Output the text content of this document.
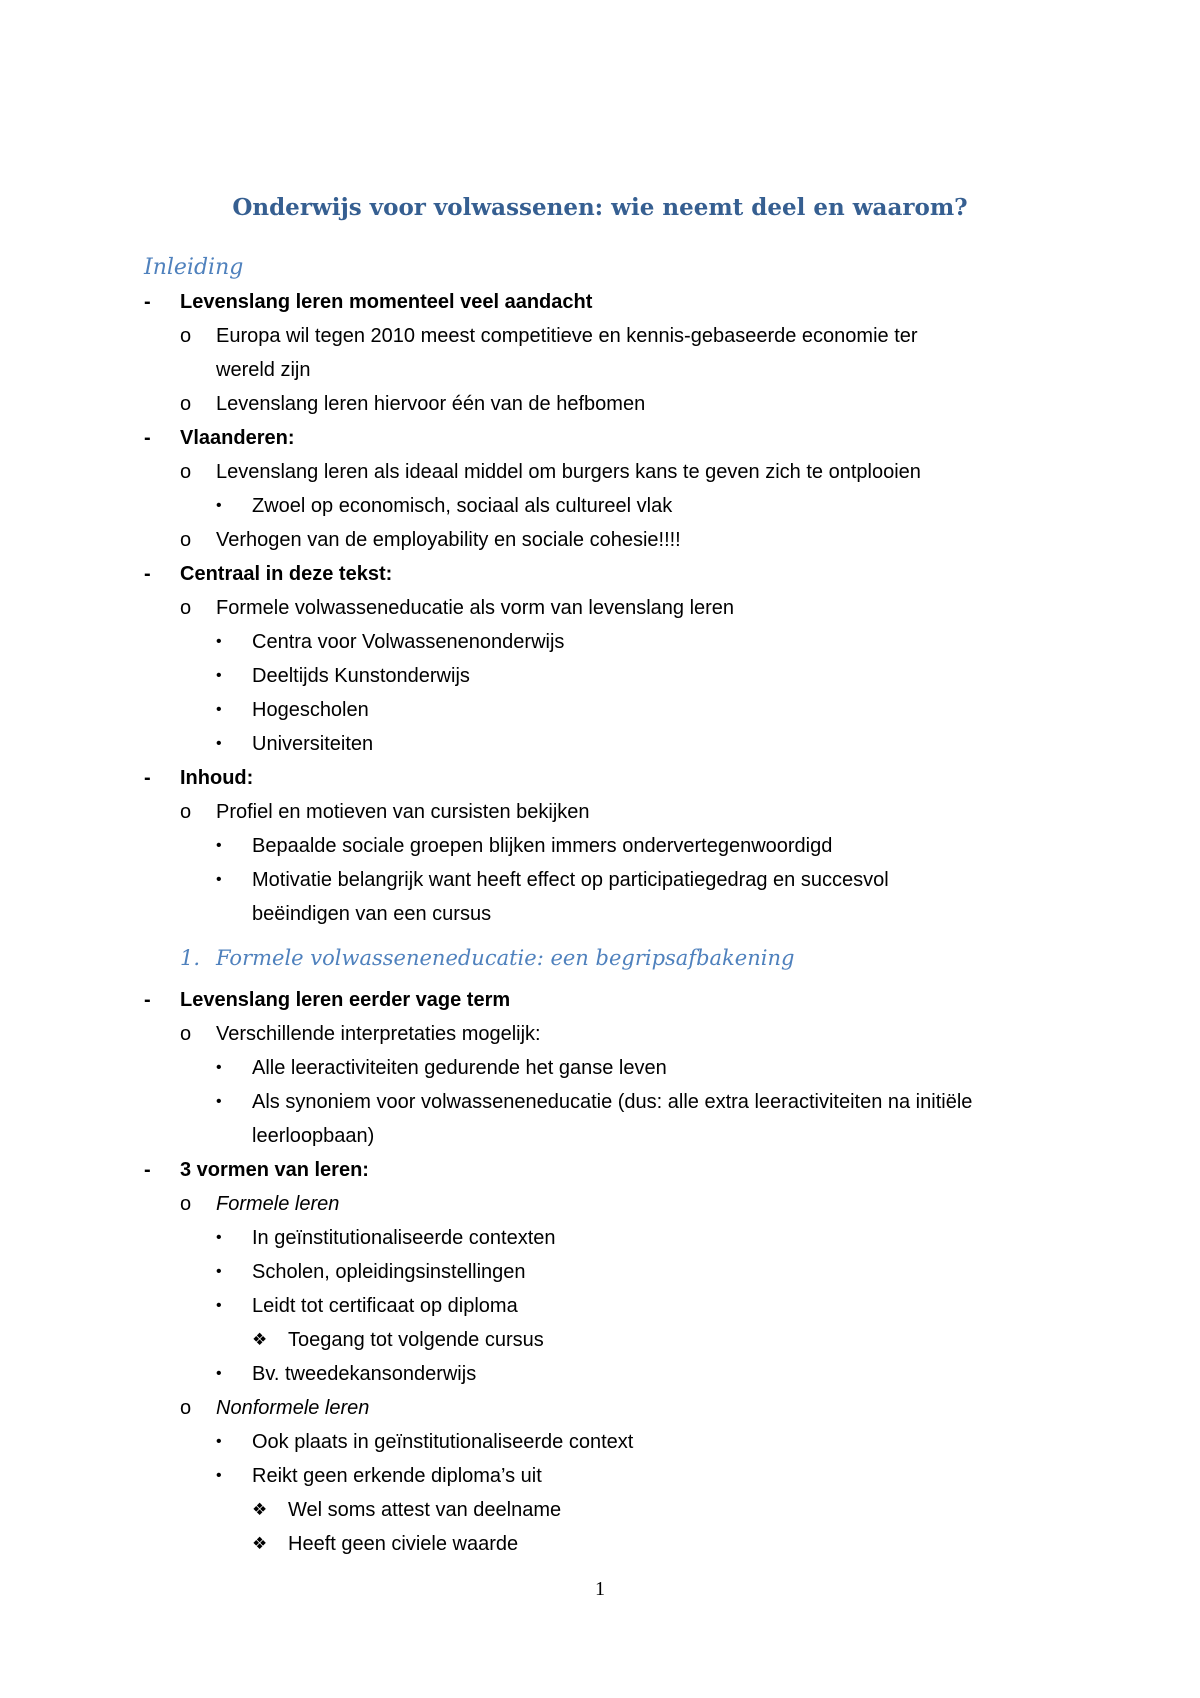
Onderwijs voor volwassenen: wie neemt deel en waarom?
Inleiding
- Levenslang leren momenteel veel aandacht
o Europa wil tegen 2010 meest competitieve en kennis-gebaseerde economie ter
wereld zijn
o Levenslang leren hiervoor één van de hefbomen
- Vlaanderen:
o Levenslang leren als ideaal middel om burgers kans te geven zich te ontplooien
• Zwoel op economisch, sociaal als cultureel vlak
o Verhogen van de employability en sociale cohesie!!!!
- Centraal in deze tekst:
o Formele volwasseneducatie als vorm van levenslang leren
• Centra voor Volwassenenonderwijs
• Deeltijds Kunstonderwijs
• Hogescholen
• Universiteiten
- Inhoud:
o Profiel en motieven van cursisten bekijken
• Bepaalde sociale groepen blijken immers ondervertegenwoordigd
• Motivatie belangrijk want heeft effect op participatiegedrag en succesvol
beëindigen van een cursus
1. Formele volwasseneneducatie: een begripsafbakening
- Levenslang leren eerder vage term
o Verschillende interpretaties mogelijk:
• Alle leeractiviteiten gedurende het ganse leven
• Als synoniem voor volwasseneneducatie (dus: alle extra leeractiviteiten na initiële
leerloopbaan)
- 3 vormen van leren:
o Formele leren
• In geïnstitutionaliseerde contexten
• Scholen, opleidingsinstellingen
• Leidt tot certificaat op diploma
❖ Toegang tot volgende cursus
• Bv. tweedekansonderwijs
o Nonformele leren
• Ook plaats in geïnstitutionaliseerde context
• Reikt geen erkende diploma’s uit
❖ Wel soms attest van deelname
❖ Heeft geen civiele waarde
1
